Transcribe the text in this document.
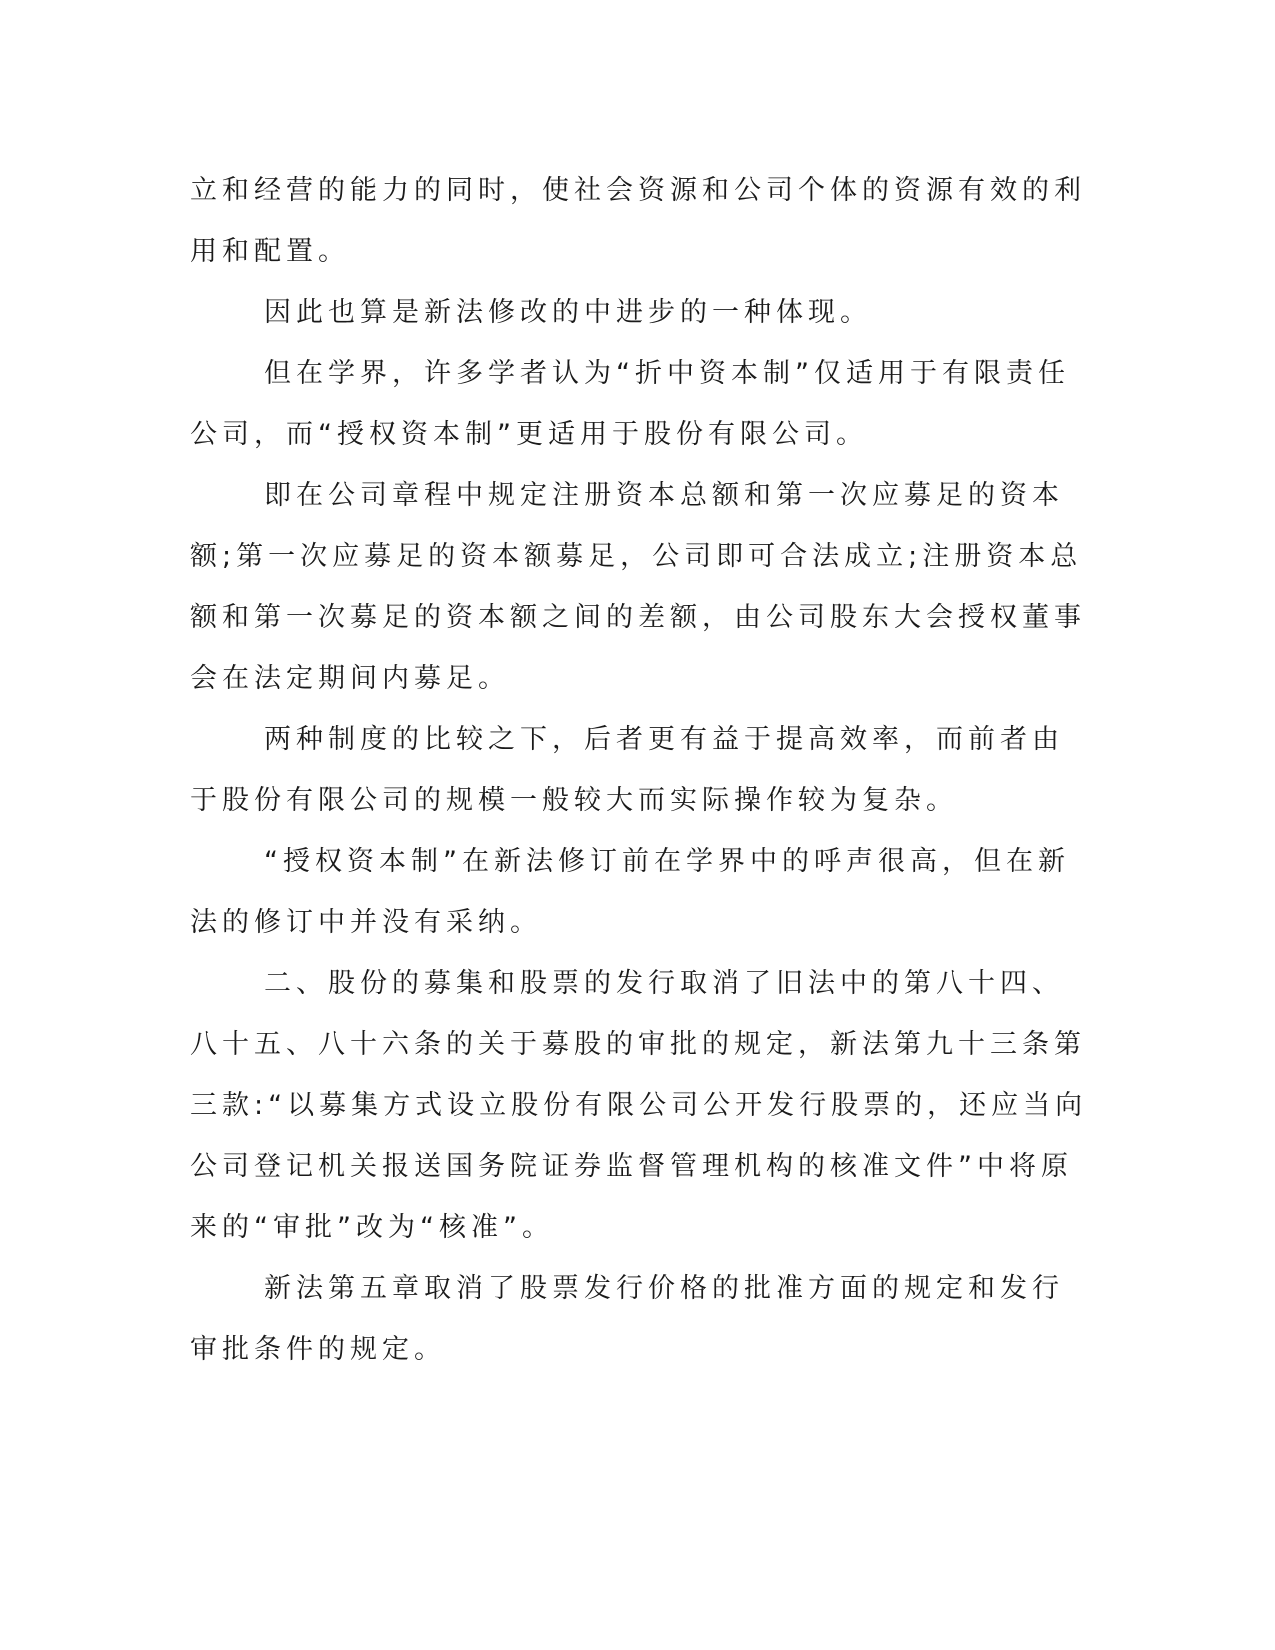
立和经营的能力的同时，使社会资源和公司个体的资源有效的利用和配置。

因此也算是新法修改的中进步的一种体现。

但在学界，许多学者认为“折中资本制”仅适用于有限责任公司，而“授权资本制”更适用于股份有限公司。

即在公司章程中规定注册资本总额和第一次应募足的资本额;第一次应募足的资本额募足，公司即可合法成立;注册资本总额和第一次募足的资本额之间的差额，由公司股东大会授权董事会在法定期间内募足。

两种制度的比较之下，后者更有益于提高效率，而前者由于股份有限公司的规模一般较大而实际操作较为复杂。

“授权资本制”在新法修订前在学界中的呼声很高，但在新法的修订中并没有采纳。

二、股份的募集和股票的发行取消了旧法中的第八十四、八十五、八十六条的关于募股的审批的规定，新法第九十三条第三款:“以募集方式设立股份有限公司公开发行股票的，还应当向公司登记机关报送国务院证券监督管理机构的核准文件”中将原来的“审批”改为“核准”。

新法第五章取消了股票发行价格的批准方面的规定和发行审批条件的规定。
